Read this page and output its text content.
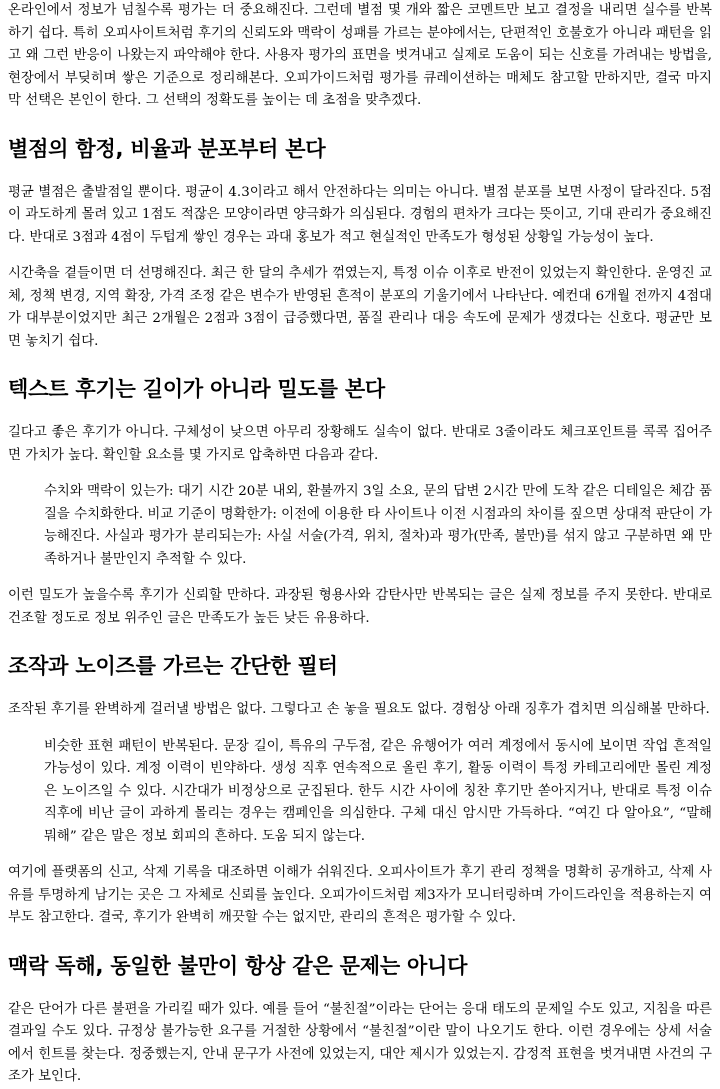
온라인에서 정보가 넘칠수록 평가는 더 중요해진다. 그런데 별점 몇 개와 짧은 코멘트만 보고 결정을 내리면 실수를 반복하기 쉽다. 특히 오피사이트처럼 후기의 신뢰도와 맥락이 성패를 가르는 분야에서는, 단편적인 호불호가 아니라 패턴을 읽고 왜 그런 반응이 나왔는지 파악해야 한다. 사용자 평가의 표면을 벗겨내고 실제로 도움이 되는 신호를 가려내는 방법을, 현장에서 부딪히며 쌓은 기준으로 정리해본다. 오피가이드처럼 평가를 큐레이션하는 매체도 참고할 만하지만, 결국 마지막 선택은 본인이 한다. 그 선택의 정확도를 높이는 데 초점을 맞추겠다.

별점의 함정, 비율과 분포부터 본다

평균 별점은 출발점일 뿐이다. 평균이 4.3이라고 해서 안전하다는 의미는 아니다. 별점 분포를 보면 사정이 달라진다. 5점이 과도하게 몰려 있고 1점도 적잖은 모양이라면 양극화가 의심된다. 경험의 편차가 크다는 뜻이고, 기대 관리가 중요해진다. 반대로 3점과 4점이 두텁게 쌓인 경우는 과대 홍보가 적고 현실적인 만족도가 형성된 상황일 가능성이 높다.

시간축을 곁들이면 더 선명해진다. 최근 한 달의 추세가 꺾였는지, 특정 이슈 이후로 반전이 있었는지 확인한다. 운영진 교체, 정책 변경, 지역 확장, 가격 조정 같은 변수가 반영된 흔적이 분포의 기울기에서 나타난다. 예컨대 6개월 전까지 4점대가 대부분이었지만 최근 2개월은 2점과 3점이 급증했다면, 품질 관리나 대응 속도에 문제가 생겼다는 신호다. 평균만 보면 놓치기 쉽다.

텍스트 후기는 길이가 아니라 밀도를 본다

길다고 좋은 후기가 아니다. 구체성이 낮으면 아무리 장황해도 실속이 없다. 반대로 3줄이라도 체크포인트를 콕콕 집어주면 가치가 높다. 확인할 요소를 몇 가지로 압축하면 다음과 같다.

수치와 맥락이 있는가: 대기 시간 20분 내외, 환불까지 3일 소요, 문의 답변 2시간 만에 도착 같은 디테일은 체감 품질을 수치화한다. 비교 기준이 명확한가: 이전에 이용한 타 사이트나 이전 시점과의 차이를 짚으면 상대적 판단이 가능해진다. 사실과 평가가 분리되는가: 사실 서술(가격, 위치, 절차)과 평가(만족, 불만)를 섞지 않고 구분하면 왜 만족하거나 불만인지 추적할 수 있다.

이런 밀도가 높을수록 후기가 신뢰할 만하다. 과장된 형용사와 감탄사만 반복되는 글은 실제 정보를 주지 못한다. 반대로 건조할 정도로 정보 위주인 글은 만족도가 높든 낮든 유용하다.

조작과 노이즈를 가르는 간단한 필터

조작된 후기를 완벽하게 걸러낼 방법은 없다. 그렇다고 손 놓을 필요도 없다. 경험상 아래 징후가 겹치면 의심해볼 만하다.

비슷한 표현 패턴이 반복된다. 문장 길이, 특유의 구두점, 같은 유행어가 여러 계정에서 동시에 보이면 작업 흔적일 가능성이 있다. 계정 이력이 빈약하다. 생성 직후 연속적으로 올린 후기, 활동 이력이 특정 카테고리에만 몰린 계정은 노이즈일 수 있다. 시간대가 비정상으로 군집된다. 한두 시간 사이에 칭찬 후기만 쏟아지거나, 반대로 특정 이슈 직후에 비난 글이 과하게 몰리는 경우는 캠페인을 의심한다. 구체 대신 암시만 가득하다. “여긴 다 알아요”, “말해 뭐해” 같은 말은 정보 회피의 흔하다. 도움 되지 않는다.

여기에 플랫폼의 신고, 삭제 기록을 대조하면 이해가 쉬워진다. 오피사이트가 후기 관리 정책을 명확히 공개하고, 삭제 사유를 투명하게 남기는 곳은 그 자체로 신뢰를 높인다. 오피가이드처럼 제3자가 모니터링하며 가이드라인을 적용하는지 여부도 참고한다. 결국, 후기가 완벽히 깨끗할 수는 없지만, 관리의 흔적은 평가할 수 있다.

맥락 독해, 동일한 불만이 항상 같은 문제는 아니다

같은 단어가 다른 불편을 가리킬 때가 있다. 예를 들어 “불친절”이라는 단어는 응대 태도의 문제일 수도 있고, 지침을 따른 결과일 수도 있다. 규정상 불가능한 요구를 거절한 상황에서 “불친절”이란 말이 나오기도 한다. 이런 경우에는 상세 서술에서 힌트를 찾는다. 정중했는지, 안내 문구가 사전에 있었는지, 대안 제시가 있었는지. 감정적 표현을 벗겨내면 사건의 구조가 보인다.
